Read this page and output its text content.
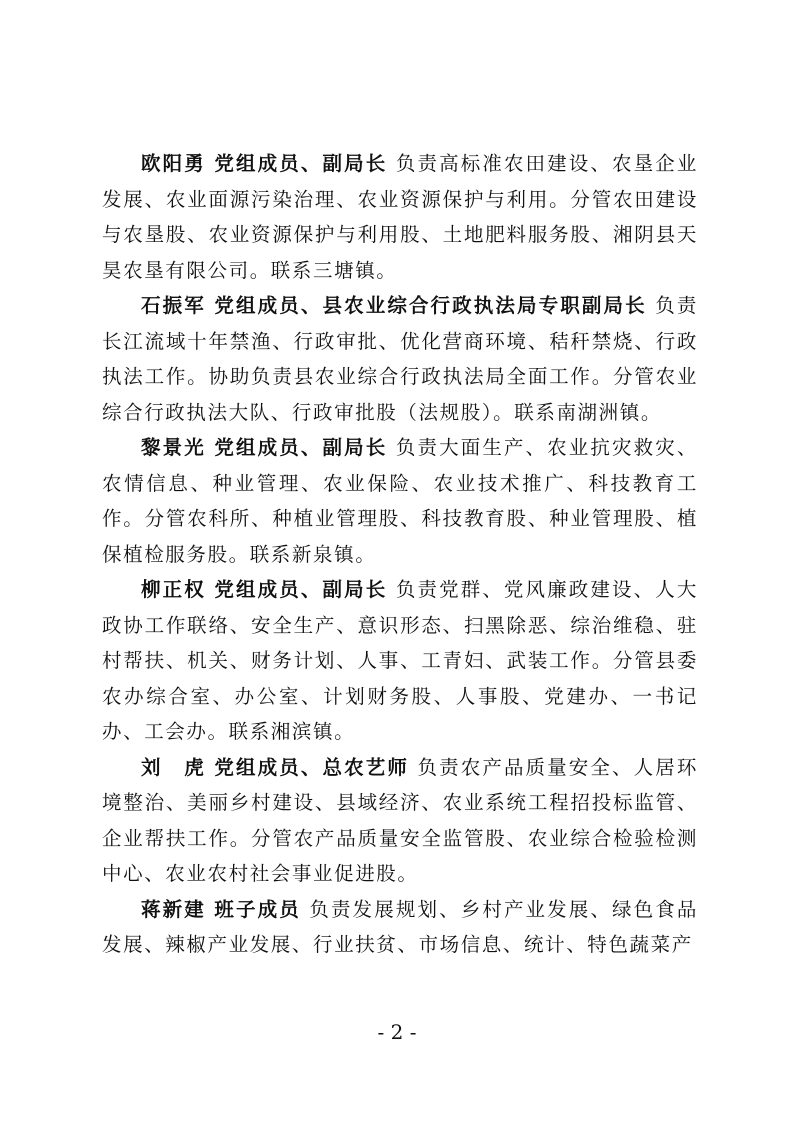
欧阳勇 党组成员、副局长 负责高标准农田建设、农垦企业发展、农业面源污染治理、农业资源保护与利用。分管农田建设与农垦股、农业资源保护与利用股、土地肥料服务股、湘阴县天昊农垦有限公司。联系三塘镇。

石振军 党组成员、县农业综合行政执法局专职副局长 负责长江流域十年禁渔、行政审批、优化营商环境、秸秆禁烧、行政执法工作。协助负责县农业综合行政执法局全面工作。分管农业综合行政执法大队、行政审批股（法规股）。联系南湖洲镇。

黎景光 党组成员、副局长 负责大面生产、农业抗灾救灾、农情信息、种业管理、农业保险、农业技术推广、科技教育工作。分管农科所、种植业管理股、科技教育股、种业管理股、植保植检服务股。联系新泉镇。

柳正权 党组成员、副局长 负责党群、党风廉政建设、人大政协工作联络、安全生产、意识形态、扫黑除恶、综治维稳、驻村帮扶、机关、财务计划、人事、工青妇、武装工作。分管县委农办综合室、办公室、计划财务股、人事股、党建办、一书记办、工会办。联系湘滨镇。

刘　虎 党组成员、总农艺师 负责农产品质量安全、人居环境整治、美丽乡村建设、县域经济、农业系统工程招投标监管、企业帮扶工作。分管农产品质量安全监管股、农业综合检验检测中心、农业农村社会事业促进股。

蒋新建 班子成员 负责发展规划、乡村产业发展、绿色食品发展、辣椒产业发展、行业扶贫、市场信息、统计、特色蔬菜产

- 2 -
